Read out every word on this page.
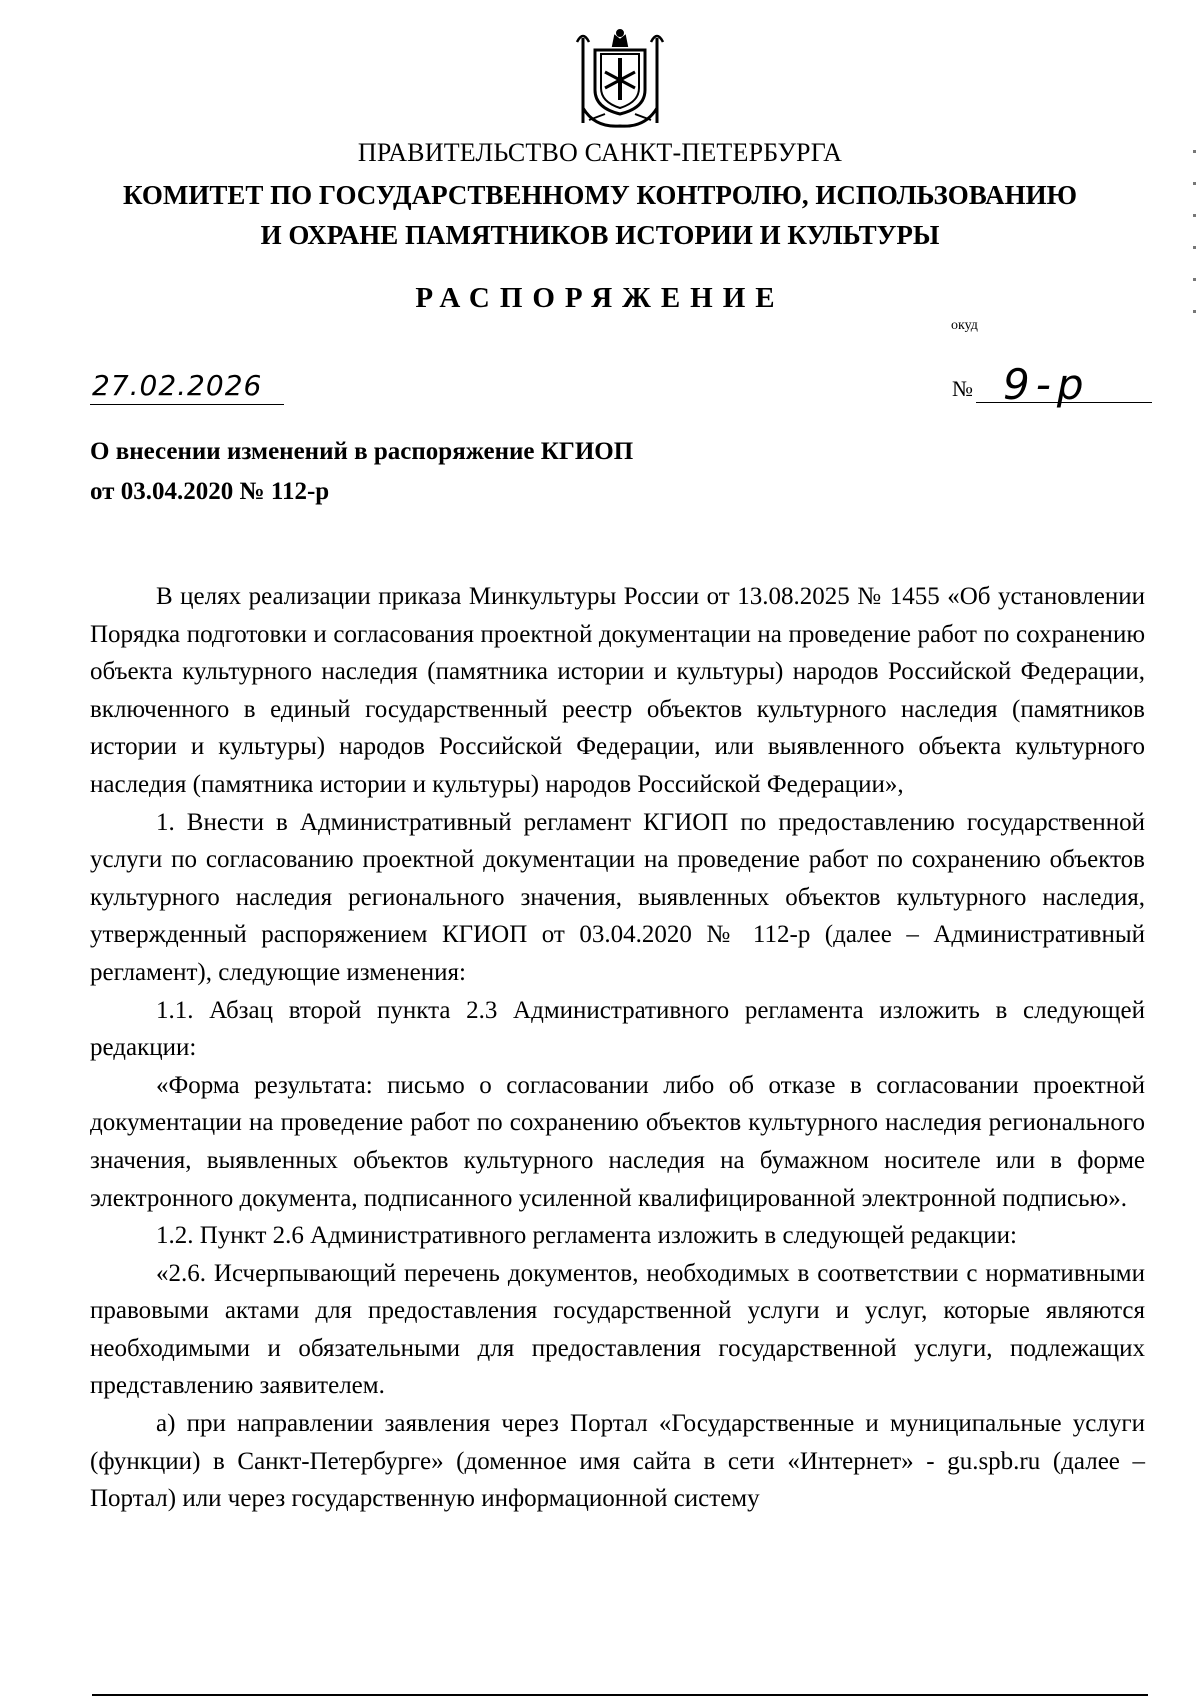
ПРАВИТЕЛЬСТВО САНКТ-ПЕТЕРБУРГА
КОМИТЕТ ПО ГОСУДАРСТВЕННОМУ КОНТРОЛЮ, ИСПОЛЬЗОВАНИЮ
И ОХРАНЕ ПАМЯТНИКОВ ИСТОРИИ И КУЛЬТУРЫ
РАСПОРЯЖЕНИЕ
окуд
27.02.2026	№ 9-р
О внесении изменений в распоряжение КГИОП
от 03.04.2020 № 112-р

В целях реализации приказа Минкультуры России от 13.08.2025 № 1455 «Об установлении Порядка подготовки и согласования проектной документации на проведение работ по сохранению объекта культурного наследия (памятника истории и культуры) народов Российской Федерации, включенного в единый государственный реестр объектов культурного наследия (памятников истории и культуры) народов Российской Федерации, или выявленного объекта культурного наследия (памятника истории и культуры) народов Российской Федерации»,

1. Внести в Административный регламент КГИОП по предоставлению государственной услуги по согласованию проектной документации на проведение работ по сохранению объектов культурного наследия регионального значения, выявленных объектов культурного наследия, утвержденный распоряжением КГИОП от 03.04.2020 № 112-р (далее – Административный регламент), следующие изменения:

1.1. Абзац второй пункта 2.3 Административного регламента изложить в следующей редакции:

«Форма результата: письмо о согласовании либо об отказе в согласовании проектной документации на проведение работ по сохранению объектов культурного наследия регионального значения, выявленных объектов культурного наследия на бумажном носителе или в форме электронного документа, подписанного усиленной квалифицированной электронной подписью».

1.2. Пункт 2.6 Административного регламента изложить в следующей редакции:

«2.6. Исчерпывающий перечень документов, необходимых в соответствии с нормативными правовыми актами для предоставления государственной услуги и услуг, которые являются необходимыми и обязательными для предоставления государственной услуги, подлежащих представлению заявителем.

а) при направлении заявления через Портал «Государственные и муниципальные услуги (функции) в Санкт-Петербурге» (доменное имя сайта в сети «Интернет» - gu.spb.ru (далее – Портал) или через государственную информационной систему
